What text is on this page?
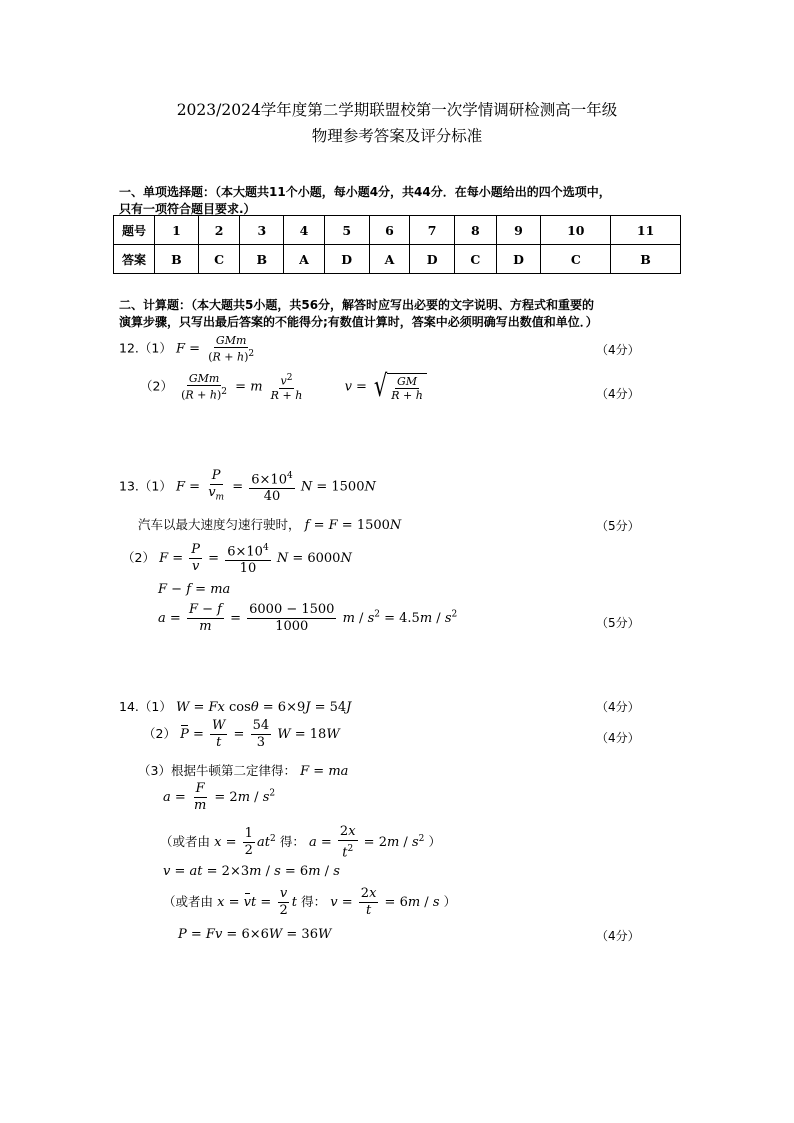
2023/2024学年度第二学期联盟校第一次学情调研检测高一年级
物理参考答案及评分标准
一、单项选择题：（本大题共11个小题，每小题4分，共44分．在每小题给出的四个选项中，
只有一项符合题目要求.）
题号	1	2	3	4	5	6	7	8	9	10	11
答案	B	C	B	A	D	A	D	C	D	C	B
二、计算题：（本大题共5小题，共56分，解答时应写出必要的文字说明、方程式和重要的
演算步骤，只写出最后答案的不能得分;有数值计算时，答案中必须明确写出数值和单位．）
12.（1） $F = \frac{\text{GMm}}{(R + h)^2}$	（4分）
$(2) \frac{\text{GMm}}{(R + h)^2} = m \frac{v^2}{R + h}$	v = √ $\frac{GM}{R + h}$	（4分）
13.（1） $F = \frac{P}{v_m} = \frac{6\times 10^4}{40}$ N = 1500N
汽车以最大速度匀速行驶时， f = F = 1500N	（5分）
（2） $F = \frac{P}{v} = \frac{6\times 10^4}{10}$ N = 6000N
F − f = ma
$a = \frac{F - f}{m} = \frac{6000 - 1500}{1000}$ $m / s^2 = 4.5m / s^2$
（5分）
14.（1） W = Fx cosθ = 6×9J = 54J	（4分）
（2） $P = \frac{W}{t} = \frac{54}{3}$ W = 18W	（4分）
（3）根据牛顿第二定律得： F = ma
$a = \frac{F}{m} = 2m / s^2$
（或者由 $x = \frac{1}{2} at^2$ 得： $a = \frac{2x}{t^2} = 2m / s^2$ ）
v = at = 2×3m / s = 6m / s
（或者由 x = vt = $\frac{v}{2}$ t 得： $v = \frac{2x}{t} = 6m / s$ ）
P = Fv = 6×6W = 36W	（4分）
